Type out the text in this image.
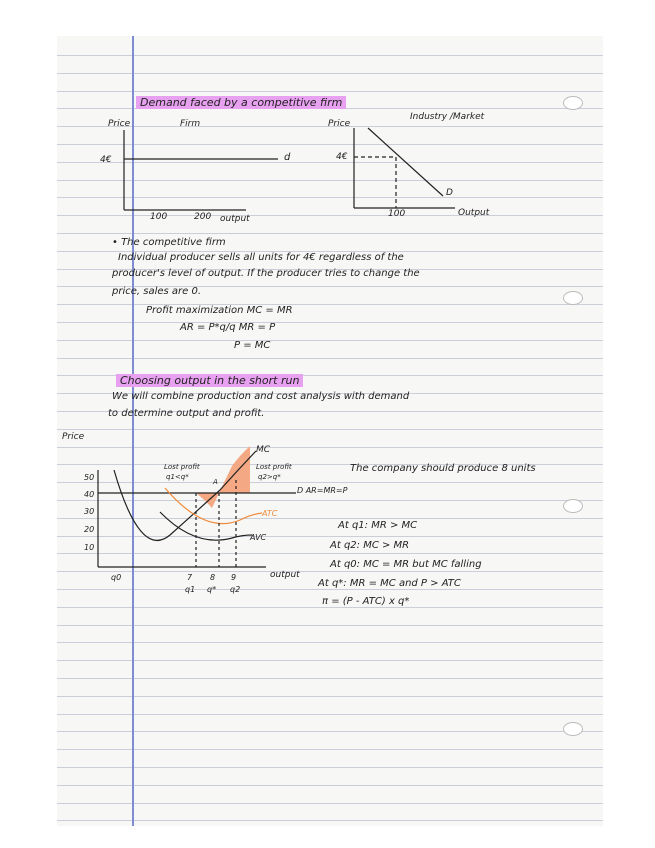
Demand faced by a competitive firm
Price	Firm
4€	d
100	200 output
Price
Industry /Market
4€
D
100	Output
• The competitive firm
Individual producer sells all units for 4€ regardless of the
producer's level of output. If the producer tries to change the
price, sales are 0.
Profit maximization MC = MR
AR = P*q/q MR = P
P = MC
Choosing output in the short run
We will combine production and cost analysis with demand
to determine output and profit.
Price
50
40
30
20
10
q0	7 8 9
q1 q* q2
output
MC
ATC
AVC
D AR=MR=P
Lost profit
q1<q*
Lost profit
q2>q*
A
The company should produce 8 units
At q1: MR > MC
At q2: MC > MR
At q0: MC = MR but MC falling
At q*: MR = MC and P > ATC
π = (P - ATC) x q*
